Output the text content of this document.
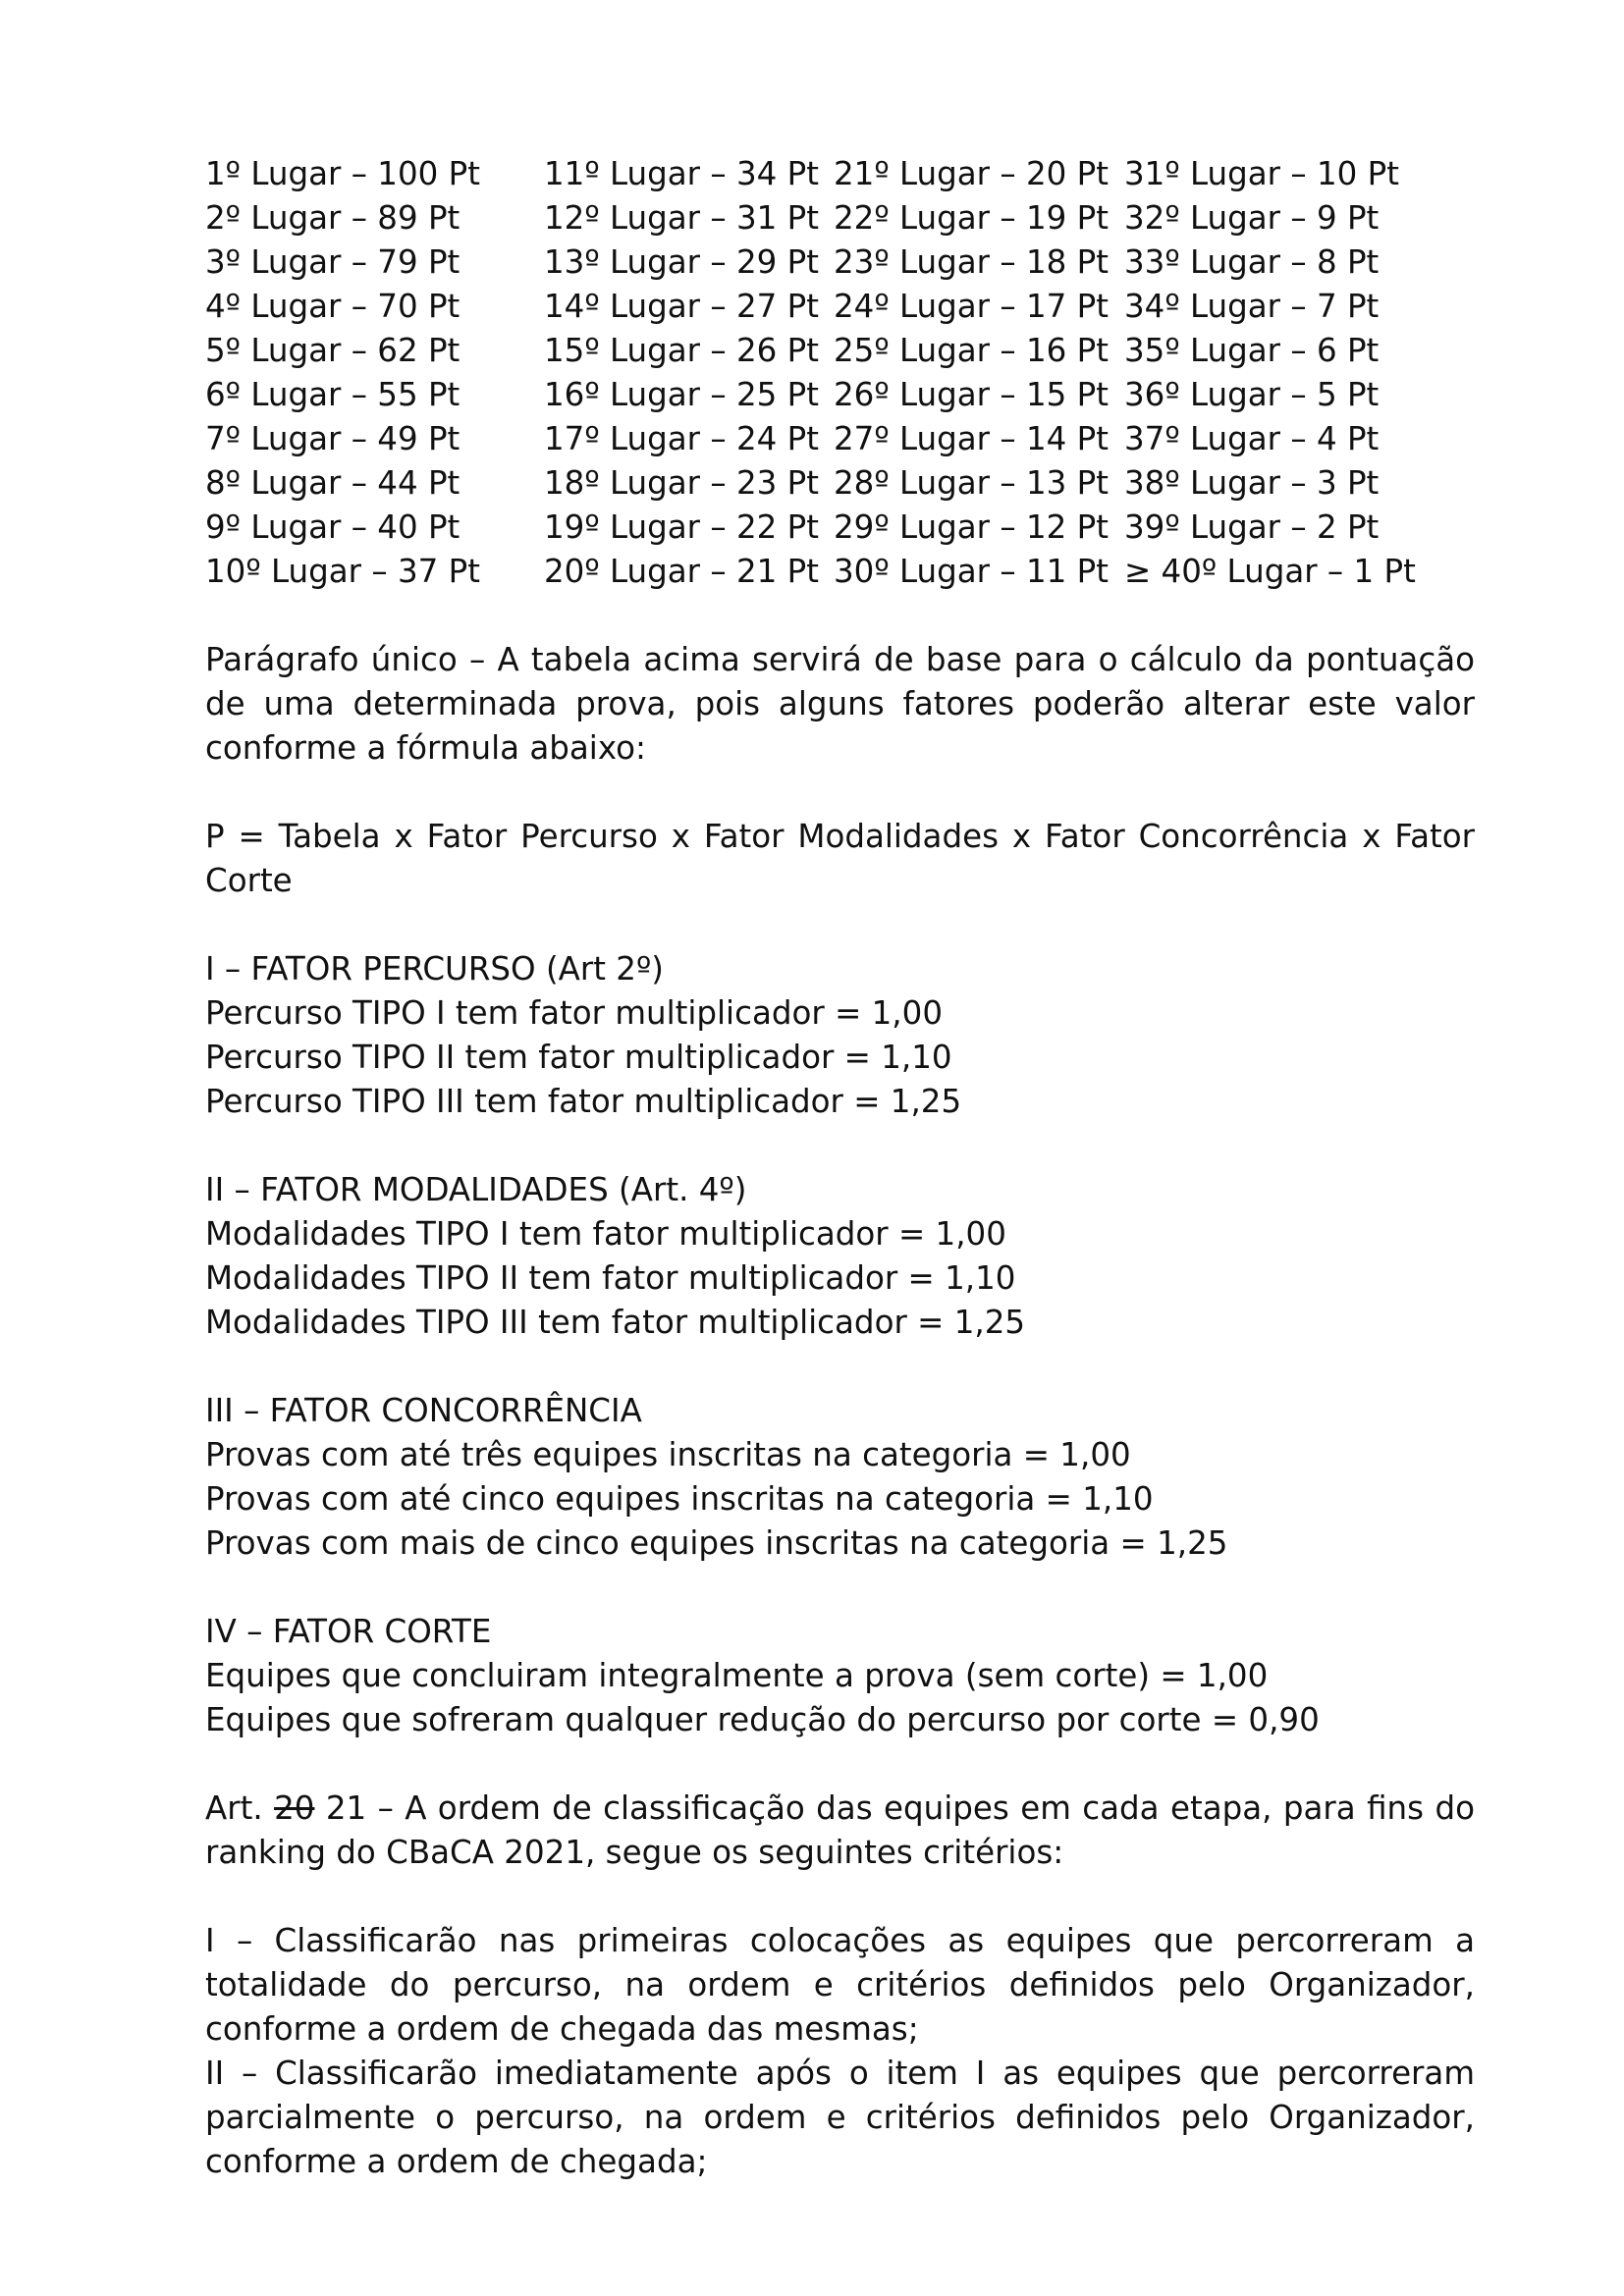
1º Lugar – 100 Pt 11º Lugar – 34 Pt 21º Lugar – 20 Pt 31º Lugar – 10 Pt
2º Lugar – 89 Pt	12º Lugar – 31 Pt 22º Lugar – 19 Pt 32º Lugar – 9 Pt
3º Lugar – 79 Pt	13º Lugar – 29 Pt 23º Lugar – 18 Pt 33º Lugar – 8 Pt
4º Lugar – 70 Pt	14º Lugar – 27 Pt 24º Lugar – 17 Pt 34º Lugar – 7 Pt
5º Lugar – 62 Pt	15º Lugar – 26 Pt 25º Lugar – 16 Pt 35º Lugar – 6 Pt
6º Lugar – 55 Pt	16º Lugar – 25 Pt 26º Lugar – 15 Pt 36º Lugar – 5 Pt
7º Lugar – 49 Pt	17º Lugar – 24 Pt 27º Lugar – 14 Pt 37º Lugar – 4 Pt
8º Lugar – 44 Pt	18º Lugar – 23 Pt 28º Lugar – 13 Pt 38º Lugar – 3 Pt
9º Lugar – 40 Pt	19º Lugar – 22 Pt 29º Lugar – 12 Pt 39º Lugar – 2 Pt
10º Lugar – 37 Pt 20º Lugar – 21 Pt 30º Lugar – 11 Pt ≥ 40º Lugar – 1 Pt
Parágrafo único – A tabela acima servirá de base para o cálculo da pontuação de uma determinada prova, pois alguns fatores poderão alterar este valor conforme a fórmula abaixo:
P = Tabela x Fator Percurso x Fator Modalidades x Fator Concorrência x Fator Corte
I – FATOR PERCURSO (Art 2º)
Percurso TIPO I tem fator multiplicador = 1,00
Percurso TIPO II tem fator multiplicador = 1,10
Percurso TIPO III tem fator multiplicador = 1,25
II – FATOR MODALIDADES (Art. 4º)
Modalidades TIPO I tem fator multiplicador = 1,00
Modalidades TIPO II tem fator multiplicador = 1,10
Modalidades TIPO III tem fator multiplicador = 1,25
III – FATOR CONCORRÊNCIA
Provas com até três equipes inscritas na categoria = 1,00
Provas com até cinco equipes inscritas na categoria = 1,10
Provas com mais de cinco equipes inscritas na categoria = 1,25
IV – FATOR CORTE
Equipes que concluiram integralmente a prova (sem corte) = 1,00
Equipes que sofreram qualquer redução do percurso por corte = 0,90
Art. 20 21 – A ordem de classificação das equipes em cada etapa, para fins do ranking do CBaCA 2021, segue os seguintes critérios:
I – Classificarão nas primeiras colocações as equipes que percorreram a totalidade do percurso, na ordem e critérios definidos pelo Organizador, conforme a ordem de chegada das mesmas;
II – Classificarão imediatamente após o item I as equipes que percorreram parcialmente o percurso, na ordem e critérios definidos pelo Organizador, conforme a ordem de chegada;
